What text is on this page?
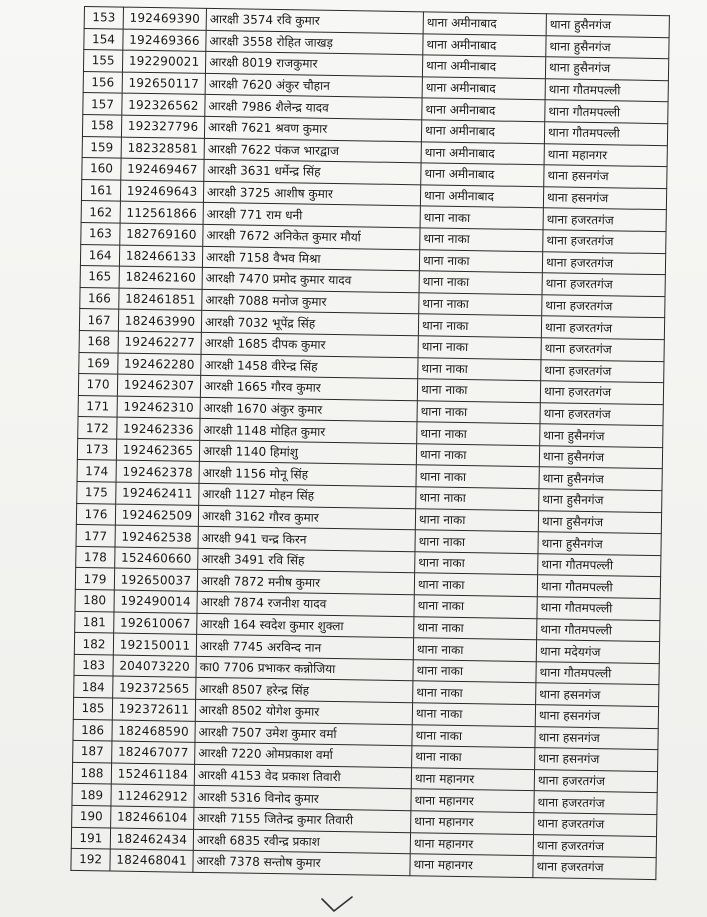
153	192469390	आरक्षी 3574 रवि कुमार	थाना अमीनाबाद	थाना हुसैनगंज
154	192469366	आरक्षी 3558 रोहित जाखड़	थाना अमीनाबाद	थाना हुसैनगंज
155	192290021	आरक्षी 8019 राजकुमार	थाना अमीनाबाद	थाना हुसैनगंज
156	192650117	आरक्षी 7620 अंकुर चौहान	थाना अमीनाबाद	थाना गौतमपल्ली
157	192326562	आरक्षी 7986 शैलेन्द्र यादव	थाना अमीनाबाद	थाना गौतमपल्ली
158	192327796	आरक्षी 7621 श्रवण कुमार	थाना अमीनाबाद	थाना गौतमपल्ली
159	182328581	आरक्षी 7622 पंकज भारद्वाज	थाना अमीनाबाद	थाना महानगर
160	192469467	आरक्षी 3631 धर्मेन्द्र सिंह	थाना अमीनाबाद	थाना हसनगंज
161	192469643	आरक्षी 3725 आशीष कुमार	थाना अमीनाबाद	थाना हसनगंज
162	112561866	आरक्षी 771 राम धनी	थाना नाका	थाना हजरतगंज
163	182769160	आरक्षी 7672 अनिकेत कुमार मौर्या	थाना नाका	थाना हजरतगंज
164	182466133	आरक्षी 7158 वैभव मिश्रा	थाना नाका	थाना हजरतगंज
165	182462160	आरक्षी 7470 प्रमोद कुमार यादव	थाना नाका	थाना हजरतगंज
166	182461851	आरक्षी 7088 मनोज कुमार	थाना नाका	थाना हजरतगंज
167	182463990	आरक्षी 7032 भूपेंद्र सिंह	थाना नाका	थाना हजरतगंज
168	192462277	आरक्षी 1685 दीपक कुमार	थाना नाका	थाना हजरतगंज
169	192462280	आरक्षी 1458 वीरेन्द्र सिंह	थाना नाका	थाना हजरतगंज
170	192462307	आरक्षी 1665 गौरव कुमार	थाना नाका	थाना हजरतगंज
171	192462310	आरक्षी 1670 अंकुर कुमार	थाना नाका	थाना हजरतगंज
172	192462336	आरक्षी 1148 मोहित कुमार	थाना नाका	थाना हुसैनगंज
173	192462365	आरक्षी 1140 हिमांशु	थाना नाका	थाना हुसैनगंज
174	192462378	आरक्षी 1156 मोनू सिंह	थाना नाका	थाना हुसैनगंज
175	192462411	आरक्षी 1127 मोहन सिंह	थाना नाका	थाना हुसैनगंज
176	192462509	आरक्षी 3162 गौरव कुमार	थाना नाका	थाना हुसैनगंज
177	192462538	आरक्षी 941 चन्द्र किरन	थाना नाका	थाना हुसैनगंज
178	152460660	आरक्षी 3491 रवि सिंह	थाना नाका	थाना गौतमपल्ली
179	192650037	आरक्षी 7872 मनीष कुमार	थाना नाका	थाना गौतमपल्ली
180	192490014	आरक्षी 7874 रजनीश यादव	थाना नाका	थाना गौतमपल्ली
181	192610067	आरक्षी 164 स्वदेश कुमार शुक्ला	थाना नाका	थाना गौतमपल्ली
182	192150011	आरक्षी 7745 अरविन्द नान	थाना नाका	थाना मदेयगंज
183	204073220	का0 7706 प्रभाकर कन्नोजिया	थाना नाका	थाना गौतमपल्ली
184	192372565	आरक्षी 8507 हरेन्द्र सिंह	थाना नाका	थाना हसनगंज
185	192372611	आरक्षी 8502 योगेश कुमार	थाना नाका	थाना हसनगंज
186	182468590	आरक्षी 7507 उमेश कुमार वर्मा	थाना नाका	थाना हसनगंज
187	182467077	आरक्षी 7220 ओमप्रकाश वर्मा	थाना नाका	थाना हसनगंज
188	152461184	आरक्षी 4153 वेद प्रकाश तिवारी	थाना महानगर	थाना हजरतगंज
189	112462912	आरक्षी 5316 विनोद कुमार	थाना महानगर	थाना हजरतगंज
190	182466104	आरक्षी 7155 जितेन्द्र कुमार तिवारी	थाना महानगर	थाना हजरतगंज
191	182462434	आरक्षी 6835 रवीन्द्र प्रकाश	थाना महानगर	थाना हजरतगंज
192	182468041	आरक्षी 7378 सन्तोष कुमार	थाना महानगर	थाना हजरतगंज
